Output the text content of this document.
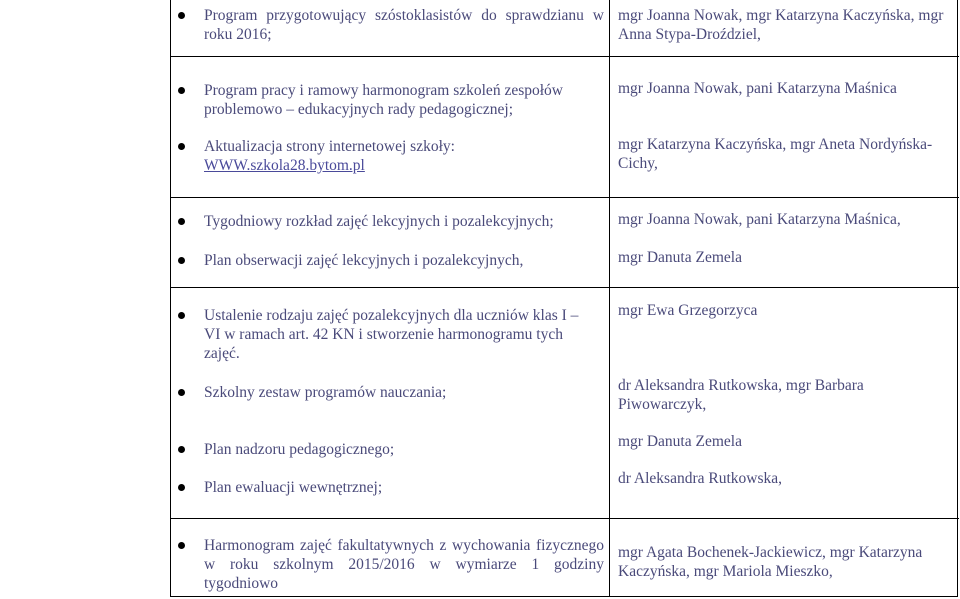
Program przygotowujący szóstoklasistów do sprawdzianu w roku 2016;
mgr Joanna Nowak, mgr Katarzyna Kaczyńska, mgr Anna Stypa-Droździel,
Program pracy i ramowy harmonogram szkoleń zespołów problemowo – edukacyjnych rady pedagogicznej;
Aktualizacja strony internetowej szkoły:
WWW.szkola28.bytom.pl
mgr Joanna Nowak, pani Katarzyna Maśnica
mgr Katarzyna Kaczyńska, mgr Aneta Nordyńska-Cichy,
Tygodniowy rozkład zajęć lekcyjnych i pozalekcyjnych;
Plan obserwacji zajęć lekcyjnych i pozalekcyjnych,
mgr Joanna Nowak, pani Katarzyna Maśnica,
mgr Danuta Zemela
Ustalenie rodzaju zajęć pozalekcyjnych dla uczniów klas I – VI w ramach art. 42 KN i stworzenie harmonogramu tych zajęć.
Szkolny zestaw programów nauczania;
Plan nadzoru pedagogicznego;
Plan ewaluacji wewnętrznej;
mgr Ewa Grzegorzyca
dr Aleksandra Rutkowska, mgr Barbara Piwowarczyk,
mgr Danuta Zemela
dr Aleksandra Rutkowska,
Harmonogram zajęć fakultatywnych z wychowania fizycznego w roku szkolnym 2015/2016 w wymiarze 1 godziny tygodniowo
mgr Agata Bochenek-Jackiewicz, mgr Katarzyna Kaczyńska, mgr Mariola Mieszko,
